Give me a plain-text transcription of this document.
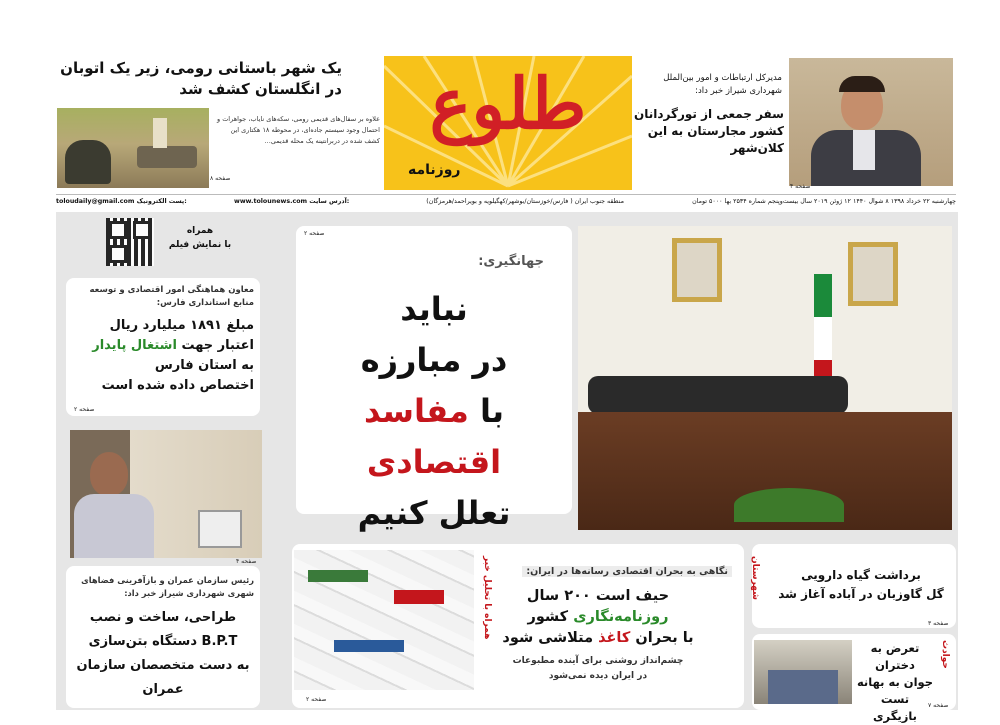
یک شهر باستانی رومی، زیر یک اتوبان
در انگلستان کشف شد
علاوه بر سفال‌های قدیمی رومی، سکه‌های نایاب، جواهرات و احتمال وجود سیستم جاده‌ای، در محوطه ۱۸ هکتاری این کشف شده در دربرانتینه یک محله قدیمی…
صفحه ۸
طلوع
روزنامه
مدیرکل ارتباطات و امور بین‌الملل
شهرداری شیراز خبر داد:
سفر جمعی از تورگردانان
کشور مجارستان به این
کلان‌شهر
صفحه ۴
چهارشنبه ۲۲ خرداد ۱۳۹۸ ۸ شوال ۱۴۴۰ ۱۲ ژوئن ۲۰۱۹ سال بیست‌وپنجم شماره ۲۵۳۴ بها ۵۰۰۰ تومان
منطقه جنوب ایران ( فارس/خوزستان/بوشهر/کهگیلویه و بویراحمد/هرمزگان)
www.tolounews.com آدرس سایت:
toloudaily@gmail.com پست الکترونیک:
همراه
با نمایش فیلم
معاون هماهنگی امور اقتصادی و توسعه
منابع استانداری فارس:
مبلغ ۱۸۹۱ میلیارد ریال
اعتبار جهت اشتغال پایدار
به استان فارس
اختصاص داده شده است
صفحه ۲
رئیس سازمان عمران و بازآفرینی فضاهای
شهری شهرداری شیراز خبر داد:
طراحی، ساخت و نصب
دستگاه بتن‌سازی B.P.T
به دست متخصصان سازمان
عمران
صفحه ۴
صفحه ۲
جهانگیری:
نباید
در مبارزه
با مفاسد اقتصادی
تعلل کنیم
همراه با تحلیل خبر	نگاهی به بحران اقتصادی رسانه‌ها در ایران:
حیف است ۲۰۰ سال
روزنامه‌نگاری کشور
با بحران کاغذ متلاشی شود
چشم‌انداز روشنی برای آینده مطبوعات
در ایران دیده نمی‌شود
صفحه ۲
شهرستان	برداشت گیاه دارویی
گل گاوزبان در آباده آغاز شد
صفحه ۳
حوادث
تعرض به دختران
جوان به بهانه تست
بازیگری
صفحه ۷
